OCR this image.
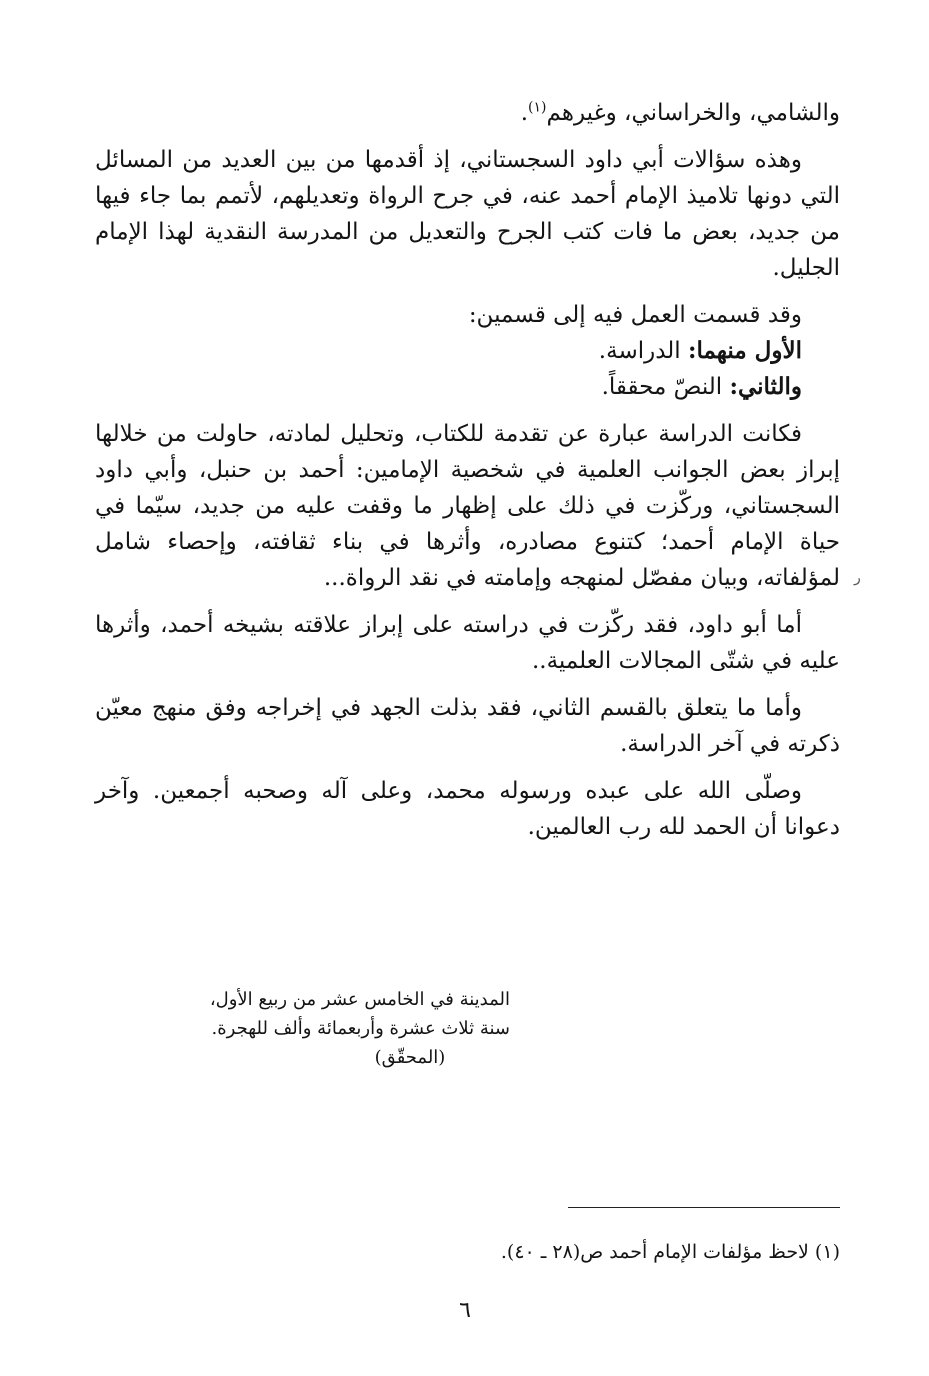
والشامي، والخراساني، وغيرهم$^{(١)}$.

وهذه سؤالات أبي داود السجستاني، إذ أقدمها من بين العديد من المسائل التي دونها تلاميذ الإمام أحمد عنه، في جرح الرواة وتعديلهم، لأتمم بما جاء فيها من جديد، بعض ما فات كتب الجرح والتعديل من المدرسة النقدية لهذا الإمام الجليل.

وقد قسمت العمل فيه إلى قسمين:
الأول منهما: الدراسة.
والثاني: النصّ محققاً.

فكانت الدراسة عبارة عن تقدمة للكتاب، وتحليل لمادته، حاولت من خلالها إبراز بعض الجوانب العلمية في شخصية الإمامين: أحمد بن حنبل، وأبي داود السجستاني، وركّزت في ذلك على إظهار ما وقفت عليه من جديد، سيّما في حياة الإمام أحمد؛ كتنوع مصادره، وأثرها في بناء ثقافته، وإحصاء شامل لمؤلفاته، وبيان مفصّل لمنهجه وإمامته في نقد الرواة...

أما أبو داود، فقد ركّزت في دراسته على إبراز علاقته بشيخه أحمد، وأثرها عليه في شتّى المجالات العلمية..

وأما ما يتعلق بالقسم الثاني، فقد بذلت الجهد في إخراجه وفق منهج معيّن ذكرته في آخر الدراسة.

وصلّى الله على عبده ورسوله محمد، وعلى آله وصحبه أجمعين. وآخر دعوانا أن الحمد لله رب العالمين.

المدينة في الخامس عشر من ربيع الأول،
سنة ثلاث عشرة وأربعمائة وألف للهجرة.
(المحقّق)
ر
(١) لاحظ مؤلفات الإمام أحمد ص(٢٨ ـ ٤٠).
٦
